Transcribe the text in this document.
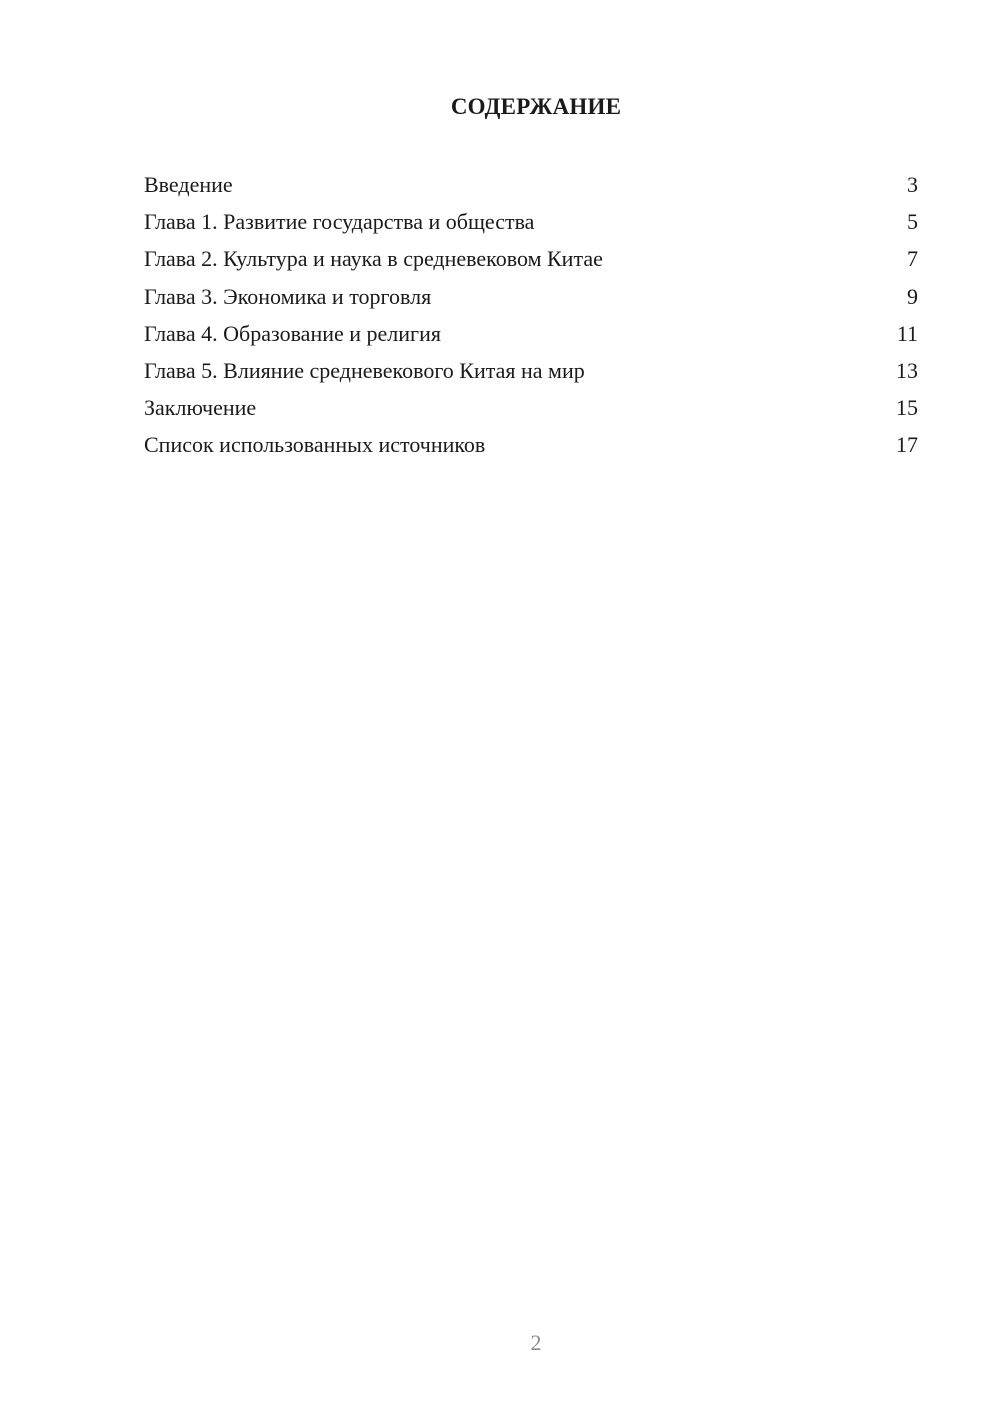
СОДЕРЖАНИЕ
Введение	3
Глава 1. Развитие государства и общества	5
Глава 2. Культура и наука в средневековом Китае	7
Глава 3. Экономика и торговля	9
Глава 4. Образование и религия	11
Глава 5. Влияние средневекового Китая на мир	13
Заключение	15
Список использованных источников	17
2
